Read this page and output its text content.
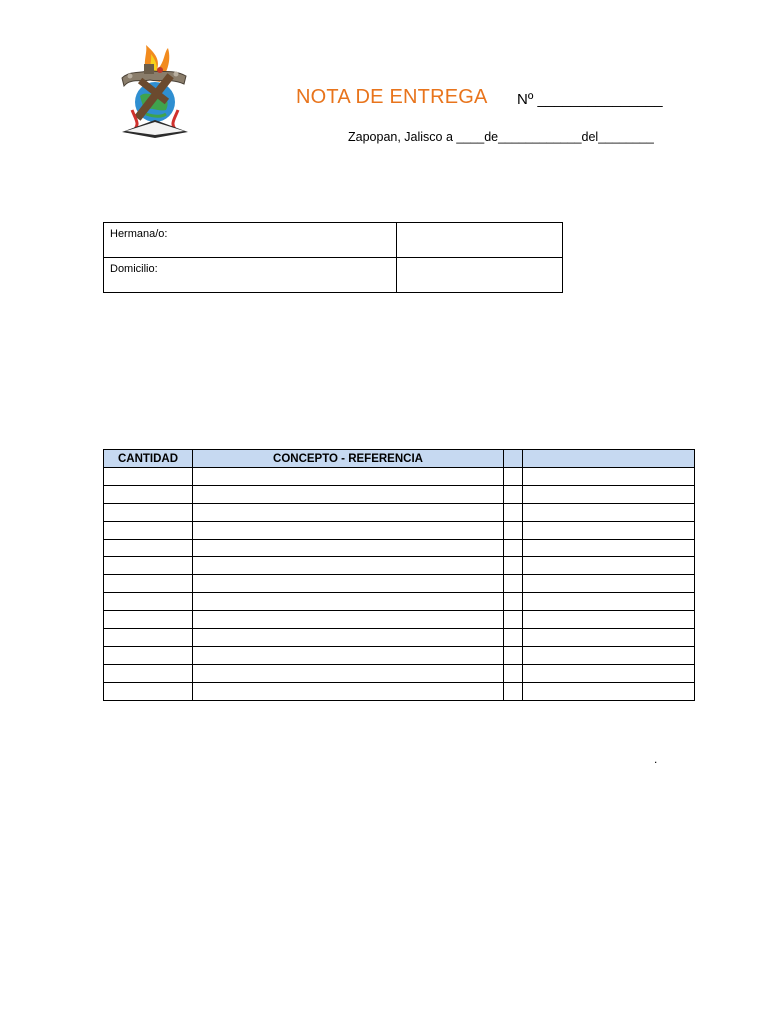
NOTA DE ENTREGA Nº _______________
Zapopan, Jalisco a ____de____________del________
Hermana/o:	
Domicilio:	
CANTIDAD	CONCEPTO - REFERENCIA		

.
